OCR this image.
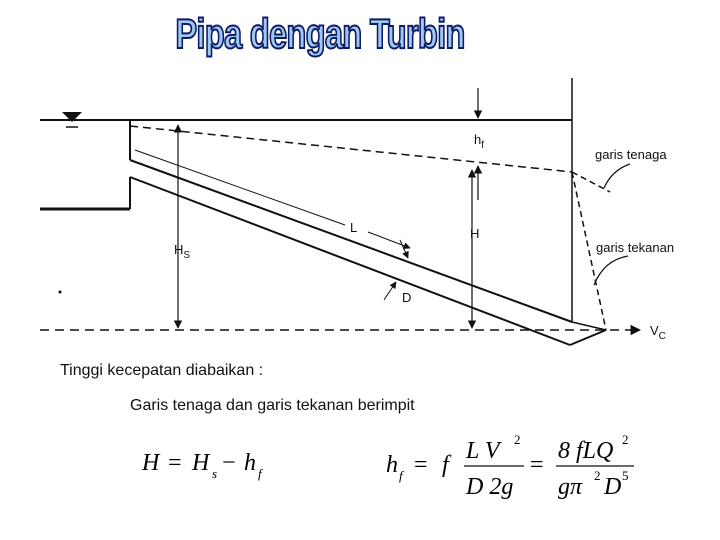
Pipa dengan Turbin
$h_f$
H
$H_S$
L
D
garis tenaga
garis tekanan
$V_C$
H = H s − h f	h f = f
L V 2
D 2g
=
8 fLQ 2
gπ 2 D 5
Tinggi kecepatan diabaikan :
Garis tenaga dan garis tekanan berimpit
